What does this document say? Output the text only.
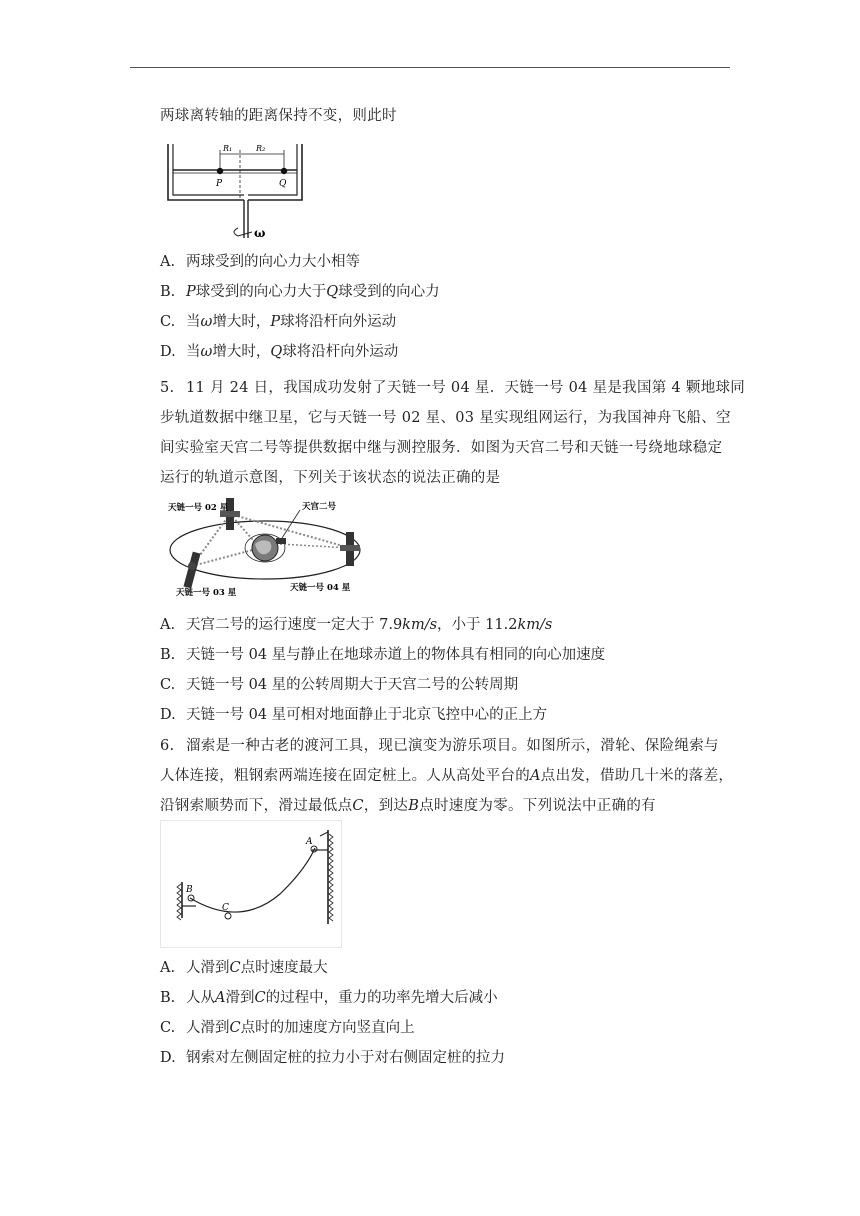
两球离转轴的距离保持不变，则此时
R₁	R₂
P	Q
ω
A. 两球受到的向心力大小相等
B. P球受到的向心力大于Q球受到的向心力
C. 当ω增大时，P球将沿杆向外运动
D. 当ω增大时，Q球将沿杆向外运动
5. 11 月 24 日，我国成功发射了天链一号 04 星．天链一号 04 星是我国第 4 颗地球同
步轨道数据中继卫星，它与天链一号 02 星、03 星实现组网运行，为我国神舟飞船、空
间实验室天宫二号等提供数据中继与测控服务．如图为天宫二号和天链一号绕地球稳定
运行的轨道示意图，下列关于该状态的说法正确的是
天链一号 02 星	天宫二号
天链一号 03 星	天链一号 04 星
A. 天宫二号的运行速度一定大于 7.9km/s，小于 11.2km/s
B. 天链一号 04 星与静止在地球赤道上的物体具有相同的向心加速度
C. 天链一号 04 星的公转周期大于天宫二号的公转周期
D. 天链一号 04 星可相对地面静止于北京飞控中心的正上方
6. 溜索是一种古老的渡河工具，现已演变为游乐项目。如图所示，滑轮、保险绳索与
人体连接，粗钢索两端连接在固定桩上。人从高处平台的A点出发，借助几十米的落差，
沿钢索顺势而下，滑过最低点C，到达B点时速度为零。下列说法中正确的有
A
B
C
A. 人滑到C点时速度最大
B. 人从A滑到C的过程中，重力的功率先增大后减小
C. 人滑到C点时的加速度方向竖直向上
D. 钢索对左侧固定桩的拉力小于对右侧固定桩的拉力
